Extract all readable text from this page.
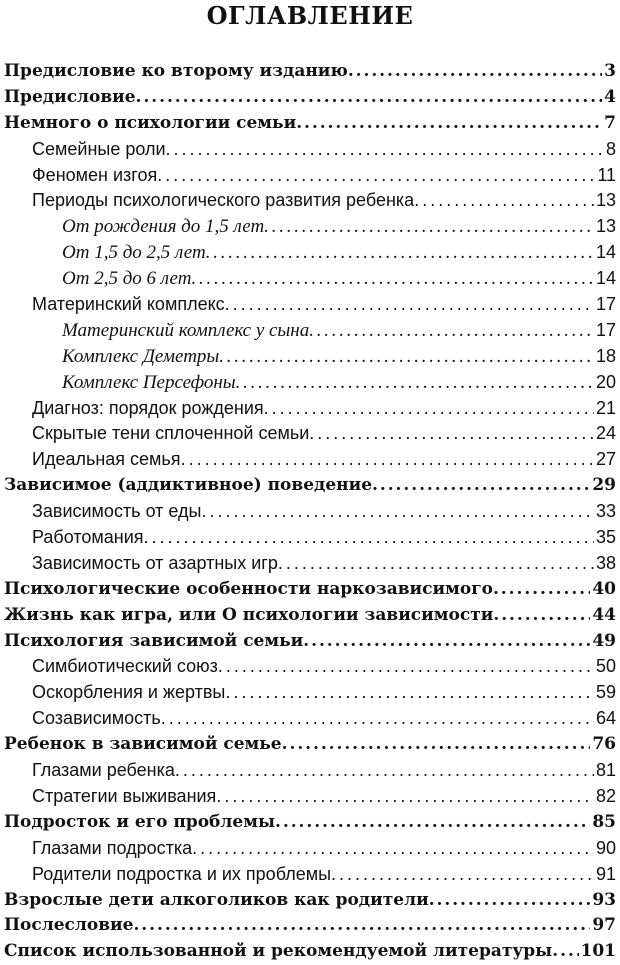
ОГЛАВЛЕНИЕ
Предисловие ко второму изданию . . .	3
Предисловие . . .	4
Немного о психологии семьи . . .	7
Семейные роли . . .	8
Феномен изгоя . . .	11
Периоды психологического развития ребенка . . .	13
От рождения до 1,5 лет . . .	13
От 1,5 до 2,5 лет . . .	14
От 2,5 до 6 лет . . .	14
Материнский комплекс . . .	17
Материнский комплекс у сына . . .	17
Комплекс Деметры . . .	18
Комплекс Персефоны . . .	20
Диагноз: порядок рождения . . .	21
Скрытые тени сплоченной семьи . . .	24
Идеальная семья . . .	27
Зависимое (аддиктивное) поведение . . .	29
Зависимость от еды . . .	33
Работомания . . .	35
Зависимость от азартных игр . . .	38
Психологические особенности наркозависимого . . .	40
Жизнь как игра, или О психологии зависимости . . .	44
Психология зависимой семьи . . .	49
Симбиотический союз . . .	50
Оскорбления и жертвы . . .	59
Созависимость . . .	64
Ребенок в зависимой семье . . .	76
Глазами ребенка . . .	81
Стратегии выживания . . .	82
Подросток и его проблемы . . .	85
Глазами подростка . . .	90
Родители подростка и их проблемы . . .	91
Взрослые дети алкоголиков как родители . . .	93
Послесловие . . .	97
Список использованной и рекомендуемой литературы . . . 101
